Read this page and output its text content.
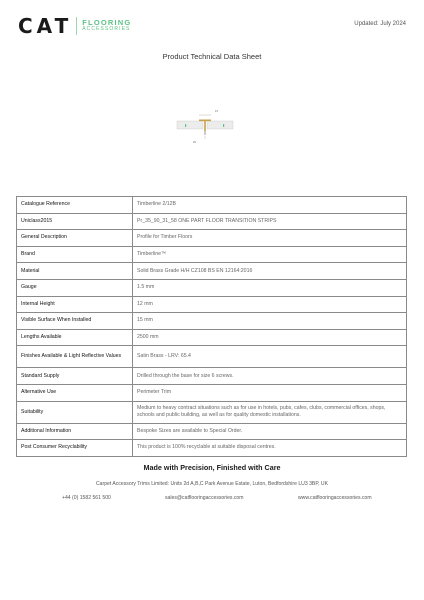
CAT FLOORING
ACCESSORIES
Updated: July 2024
Product Technical Data Sheet
15
25
Catalogue Reference	Timberline 2/12B
Uniclass2015	Pr_35_90_31_58 ONE PART FLOOR TRANSITION STRIPS
General Description	Profile for Timber Floors
Brand	Timberline™
Material	Solid Brass Grade H/H CZ108 BS EN 12164:2016
Gauge	1.5 mm
Internal Height	12 mm
Visible Surface When Installed	15 mm
Lengths Available	2500 mm
Finishes Available & Light Reflective Values	Satin Brass - LRV: 65.4
Standard Supply	Drilled through the base for size 6 screws.
Alternative Use	Perimeter Trim
Suitability	Medium to heavy contract situations such as for use in hotels, pubs, cafes, clubs, commercial offices, shops, schools and public building, as well as for quality domestic installations.
Additional Information	Bespoke Sizes are available to Special Order.
Post Consumer Recyclability	This product is 100% recyclable at suitable disposal centres.
Made with Precision, Finished with Care
Carpet Accessory Trims Limited: Units 2d A,B,C Park Avenue Estate, Luton, Bedfordshire LU3 3BP, UK
+44 (0) 1582 561 500	sales@catflooringaccessories.com	www.catflooringaccessories.com
